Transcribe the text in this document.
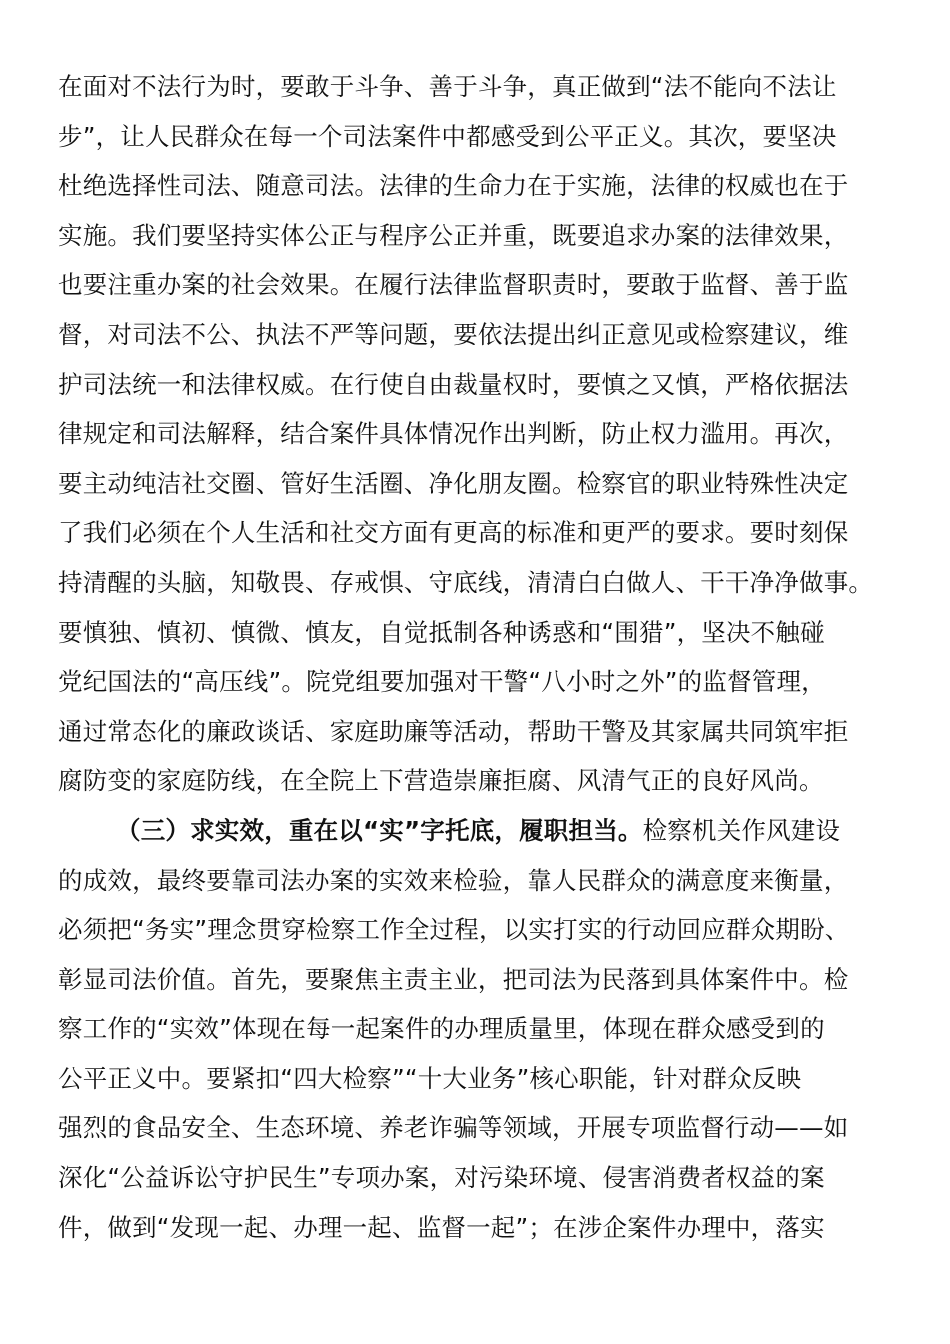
在面对不法行为时，要敢于斗争、善于斗争，真正做到“法不能向不法让
步”，让人民群众在每一个司法案件中都感受到公平正义。其次，要坚决
杜绝选择性司法、随意司法。法律的生命力在于实施，法律的权威也在于
实施。我们要坚持实体公正与程序公正并重，既要追求办案的法律效果，
也要注重办案的社会效果。在履行法律监督职责时，要敢于监督、善于监
督，对司法不公、执法不严等问题，要依法提出纠正意见或检察建议，维
护司法统一和法律权威。在行使自由裁量权时，要慎之又慎，严格依据法
律规定和司法解释，结合案件具体情况作出判断，防止权力滥用。再次，
要主动纯洁社交圈、管好生活圈、净化朋友圈。检察官的职业特殊性决定
了我们必须在个人生活和社交方面有更高的标准和更严的要求。要时刻保
持清醒的头脑，知敬畏、存戒惧、守底线，清清白白做人、干干净净做事。
要慎独、慎初、慎微、慎友，自觉抵制各种诱惑和“围猎”，坚决不触碰
党纪国法的“高压线”。院党组要加强对干警“八小时之外”的监督管理，
通过常态化的廉政谈话、家庭助廉等活动，帮助干警及其家属共同筑牢拒
腐防变的家庭防线，在全院上下营造崇廉拒腐、风清气正的良好风尚。
（三）求实效，重在以“实”字托底，履职担当。检察机关作风建设
的成效，最终要靠司法办案的实效来检验，靠人民群众的满意度来衡量，
必须把“务实”理念贯穿检察工作全过程，以实打实的行动回应群众期盼、
彰显司法价值。首先，要聚焦主责主业，把司法为民落到具体案件中。检
察工作的“实效”体现在每一起案件的办理质量里，体现在群众感受到的
公平正义中。要紧扣“四大检察”“十大业务”核心职能，针对群众反映
强烈的食品安全、生态环境、养老诈骗等领域，开展专项监督行动——如
深化“公益诉讼守护民生”专项办案，对污染环境、侵害消费者权益的案
件，做到“发现一起、办理一起、监督一起”；在涉企案件办理中，落实
